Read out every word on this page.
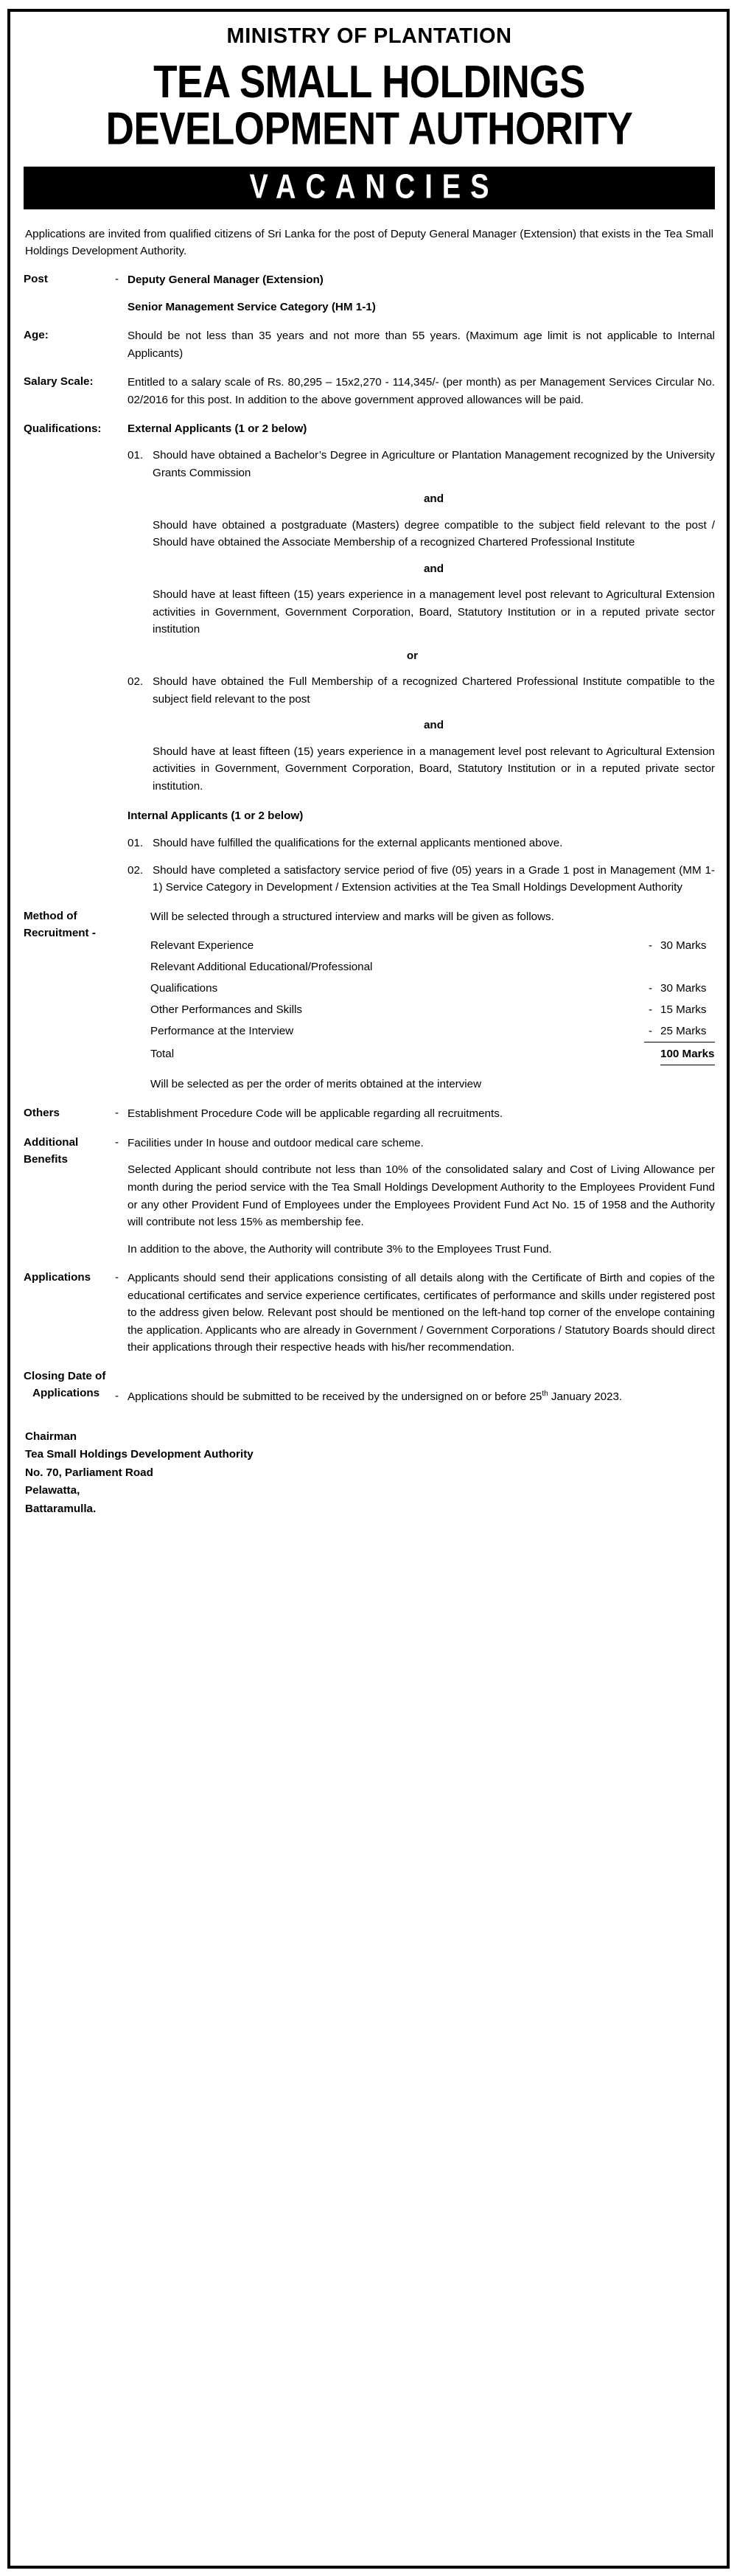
MINISTRY OF PLANTATION
TEA SMALL HOLDINGS
DEVELOPMENT AUTHORITY
VACANCIES
Applications are invited from qualified citizens of Sri Lanka for the post of Deputy General Manager (Extension) that exists in the Tea Small Holdings Development Authority.
Post	- Deputy General Manager (Extension)

Senior Management Service Category (HM 1-1)

Age:	Should be not less than 35 years and not more than 55 years. (Maximum age limit is not applicable to Internal Applicants)
Salary Scale:	Entitled to a salary scale of Rs. 80,295 – 15x2,270 - 114,345/- (per month) as per Management Services Circular No. 02/2016 for this post. In addition to the above government approved allowances will be paid.
Qualifications:	External Applicants (1 or 2 below)
01. Should have obtained a Bachelor’s Degree in Agriculture or Plantation Management recognized by the University Grants Commission

and

Should have obtained a postgraduate (Masters) degree compatible to the subject field relevant to the post / Should have obtained the Associate Membership of a recognized Chartered Professional Institute

and

Should have at least fifteen (15) years experience in a management level post relevant to Agricultural Extension activities in Government, Government Corporation, Board, Statutory Institution or in a reputed private sector institution

or
02. Should have obtained the Full Membership of a recognized Chartered Professional Institute compatible to the subject field relevant to the post

and

Should have at least fifteen (15) years experience in a management level post relevant to Agricultural Extension activities in Government, Government Corporation, Board, Statutory Institution or in a reputed private sector institution.

Internal Applicants (1 or 2 below)
01. Should have fulfilled the qualifications for the external applicants mentioned above.
02. Should have completed a satisfactory service period of five (05) years in a Grade 1 post in Management (MM 1-1) Service Category in Development / Extension activities at the Tea Small Holdings Development Authority
Method of Recruitment -

Will be selected through a structured interview and marks will be given as follows.

Relevant Experience	-	30 Marks
Relevant Additional Educational/Professional		
Qualifications	-	30 Marks
Other Performances and Skills	-	15 Marks
Performance at the Interview	-	25 Marks
Total		100 Marks
Will be selected as per the order of merits obtained at the interview
Others	- Establishment Procedure Code will be applicable regarding all recruitments.
Additional Benefits
- Facilities under In house and outdoor medical care scheme.

Selected Applicant should contribute not less than 10% of the consolidated salary and Cost of Living Allowance per month during the period service with the Tea Small Holdings Development Authority to the Employees Provident Fund or any other Provident Fund of Employees under the Employees Provident Fund Act No. 15 of 1958 and the Authority will contribute not less 15% as membership fee.

In addition to the above, the Authority will contribute 3% to the Employees Trust Fund.

Applications	- Applicants should send their applications consisting of all details along with the Certificate of Birth and copies of the educational certificates and service experience certificates, certificates of performance and skills under registered post to the address given below. Relevant post should be mentioned on the left-hand top corner of the envelope containing the application. Applicants who are already in Government / Government Corporations / Statutory Boards should direct their applications through their respective heads with his/her recommendation.
Closing Date of
Applications	- Applications should be submitted to be received by the undersigned on or before 25th January 2023.
Chairman
Tea Small Holdings Development Authority
No. 70, Parliament Road
Pelawatta,
Battaramulla.
